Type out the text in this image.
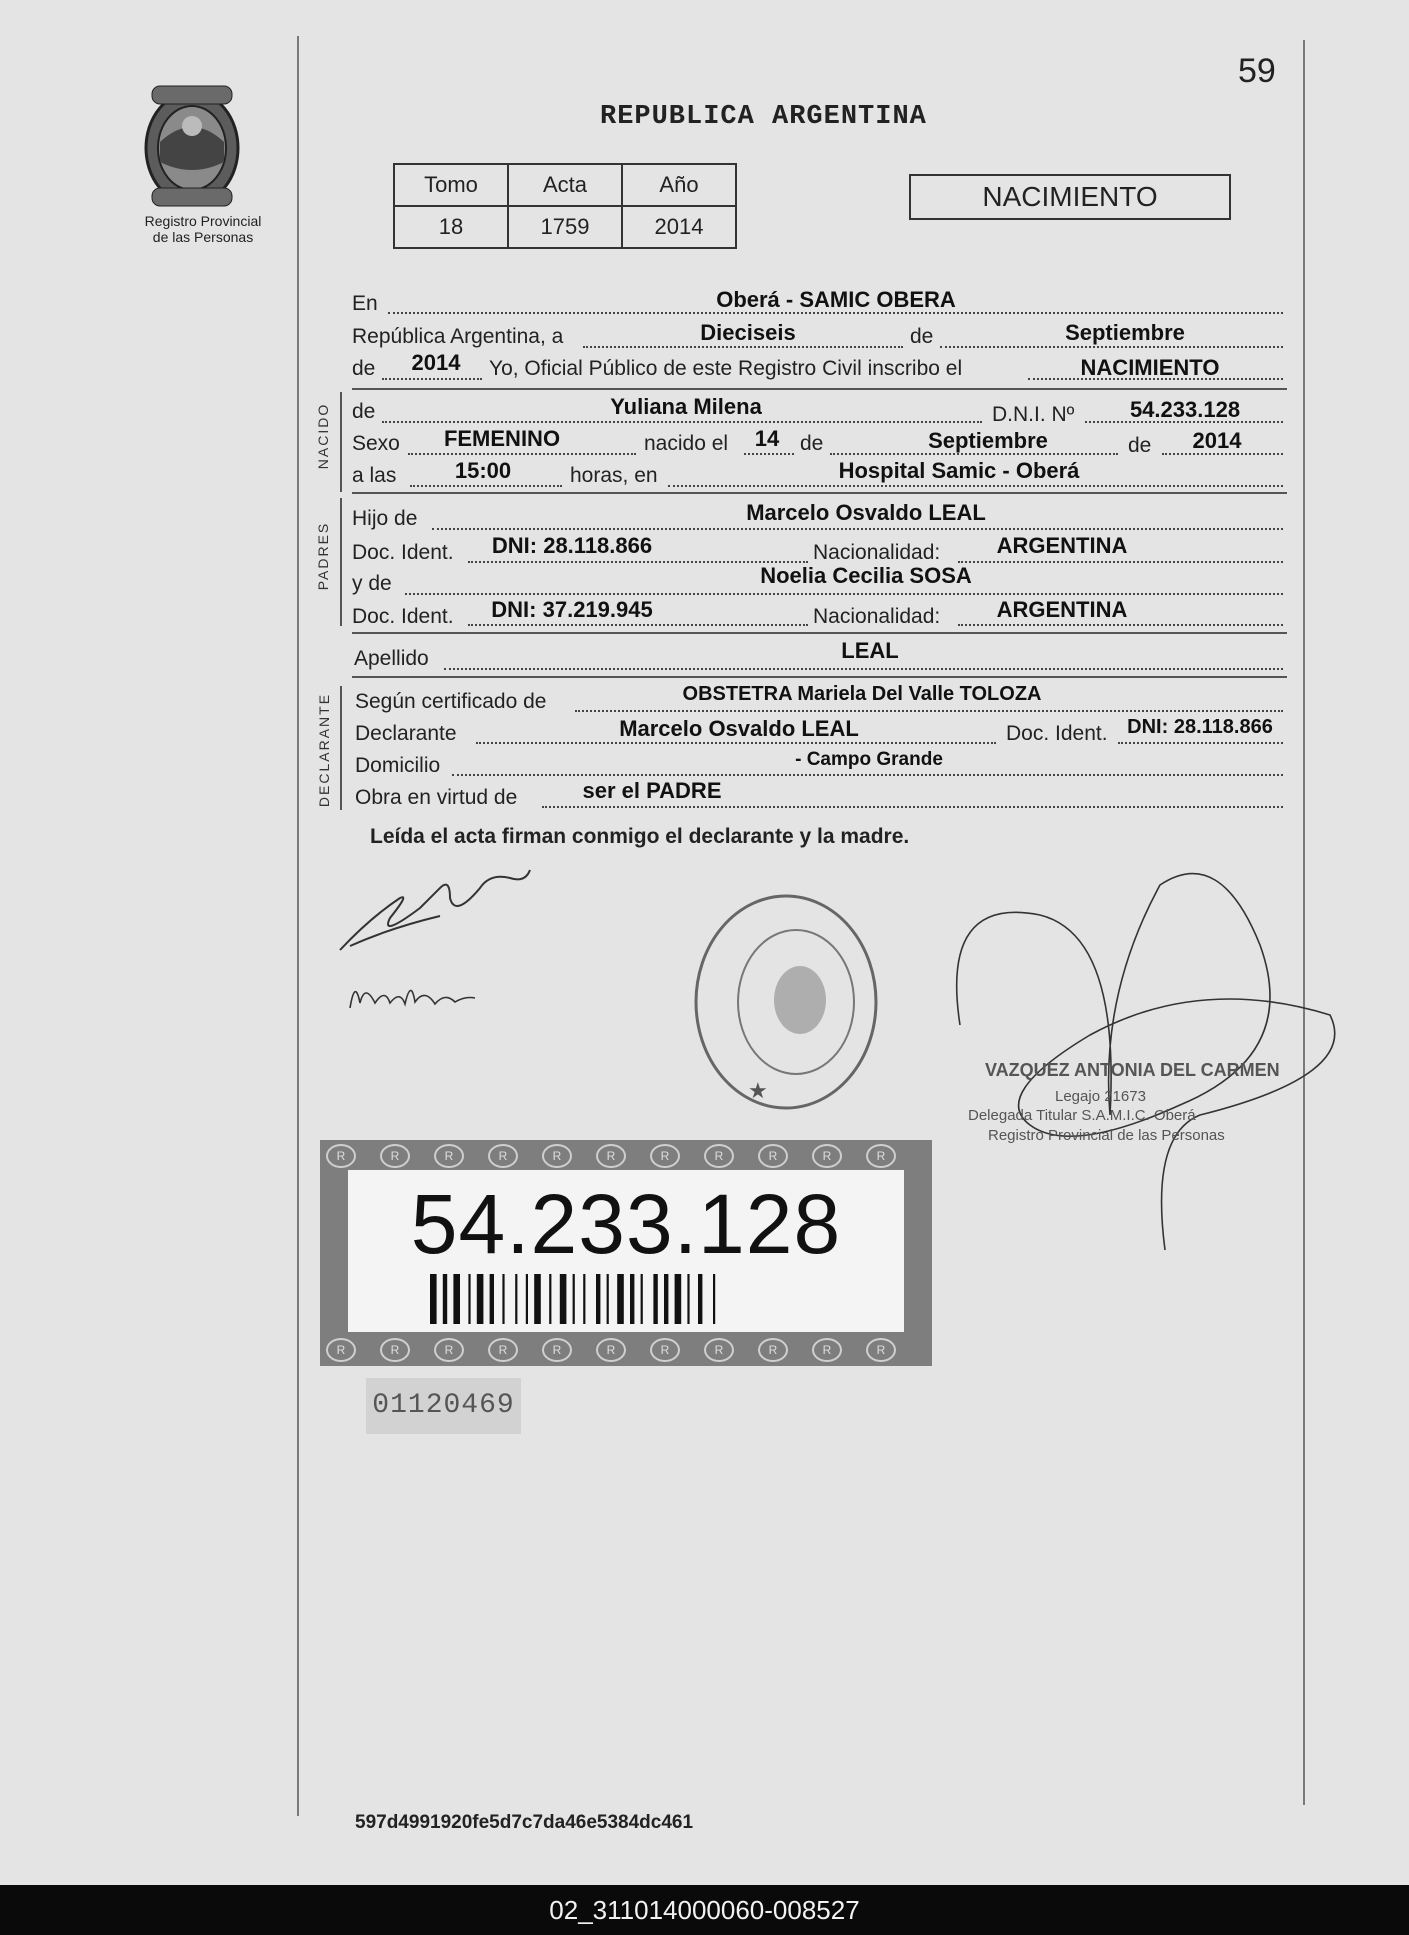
Registro Provincial
de las Personas
59
REPUBLICA ARGENTINA
Tomo	Acta	Año
18	1759	2014
NACIMIENTO
En	Oberá - SAMIC OBERA
República Argentina, a	Dieciseis	de	Septiembre
de 2014 Yo, Oficial Público de este Registro Civil inscribo el	NACIMIENTO
NACIDO de	Yuliana Milena	D.N.I. Nº	54.233.128
Sexo FEMENINO	nacido el 14 de	Septiembre	de 2014
a las	15:00	horas, en	Hospital Samic - Oberá
PADRES
Hijo de	Marcelo Osvaldo LEAL
Doc. Ident. DNI: 28.118.866	Nacionalidad:	ARGENTINA
y de	Noelia Cecilia SOSA
Doc. Ident. DNI: 37.219.945	Nacionalidad:	ARGENTINA
Apellido	LEAL
DECLARANTE Según certificado de	OBSTETRA Mariela Del Valle TOLOZA
Declarante	Marcelo Osvaldo LEAL	Doc. Ident. DNI: 28.118.866
Domicilio	- Campo Grande
Obra en virtud de	ser el PADRE
Leída el acta firman conmigo el declarante y la madre.
★
VAZQUEZ ANTONIA DEL CARMEN
Legajo 21673
Delegada Titular S.A.M.I.C. Oberá
Registro Provincial de las Personas
R	R	R	R	R	R	R	R	R	R	R
R	R	R	R	R	R	R	R	R	R	R
54.233.128
01120469
597d4991920fe5d7c7da46e5384dc461
02_311014000060-008527
